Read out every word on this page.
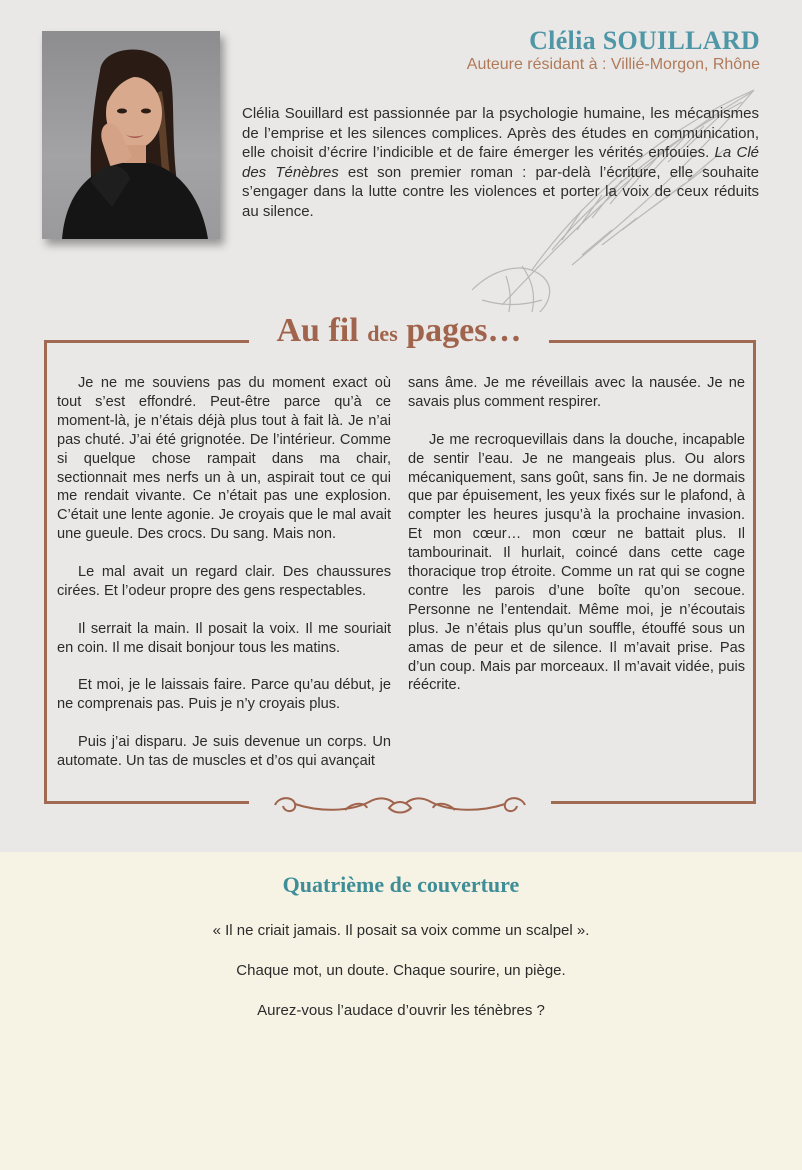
Clélia SOUILLARD
Auteure résidant à : Villié-Morgon, Rhône
Clélia Souillard est passionnée par la psychologie humaine, les mécanismes de l’emprise et les silences complices. Après des études en communication, elle choisit d’écrire l’indicible et de faire émerger les vérités enfouies. La Clé des Ténèbres est son premier roman : par-delà l’écriture, elle souhaite s’engager dans la lutte contre les violences et porter la voix de ceux réduits au silence.
Au fil des pages…

Je ne me souviens pas du moment exact où tout s’est effondré. Peut-être parce qu’à ce moment-là, je n’étais déjà plus tout à fait là. Je n’ai pas chuté. J’ai été grignotée. De l’intérieur. Comme si quelque chose rampait dans ma chair, sectionnait mes nerfs un à un, aspirait tout ce qui me rendait vivante. Ce n’était pas une explosion. C’était une lente agonie. Je croyais que le mal avait une gueule. Des crocs. Du sang. Mais non.

Le mal avait un regard clair. Des chaussures cirées. Et l’odeur propre des gens respectables.

Il serrait la main. Il posait la voix. Il me souriait en coin. Il me disait bonjour tous les matins.

Et moi, je le laissais faire. Parce qu’au début, je ne comprenais pas. Puis je n’y croyais plus.

Puis j’ai disparu. Je suis devenue un corps. Un automate. Un tas de muscles et d’os qui avançait

sans âme. Je me réveillais avec la nausée. Je ne savais plus comment respirer.

Je me recroquevillais dans la douche, incapable de sentir l’eau. Je ne mangeais plus. Ou alors mécaniquement, sans goût, sans fin. Je ne dormais que par épuisement, les yeux fixés sur le plafond, à compter les heures jusqu’à la prochaine invasion. Et mon cœur… mon cœur ne battait plus. Il tambourinait. Il hurlait, coincé dans cette cage thoracique trop étroite. Comme un rat qui se cogne contre les parois d’une boîte qu’on secoue. Personne ne l’entendait. Même moi, je n’écoutais plus. Je n’étais plus qu’un souffle, étouffé sous un amas de peur et de silence. Il m’avait prise. Pas d’un coup. Mais par morceaux. Il m’avait vidée, puis réécrite.

Quatrième de couverture
« Il ne criait jamais. Il posait sa voix comme un scalpel ».
Chaque mot, un doute. Chaque sourire, un piège.
Aurez-vous l’audace d’ouvrir les ténèbres ?
